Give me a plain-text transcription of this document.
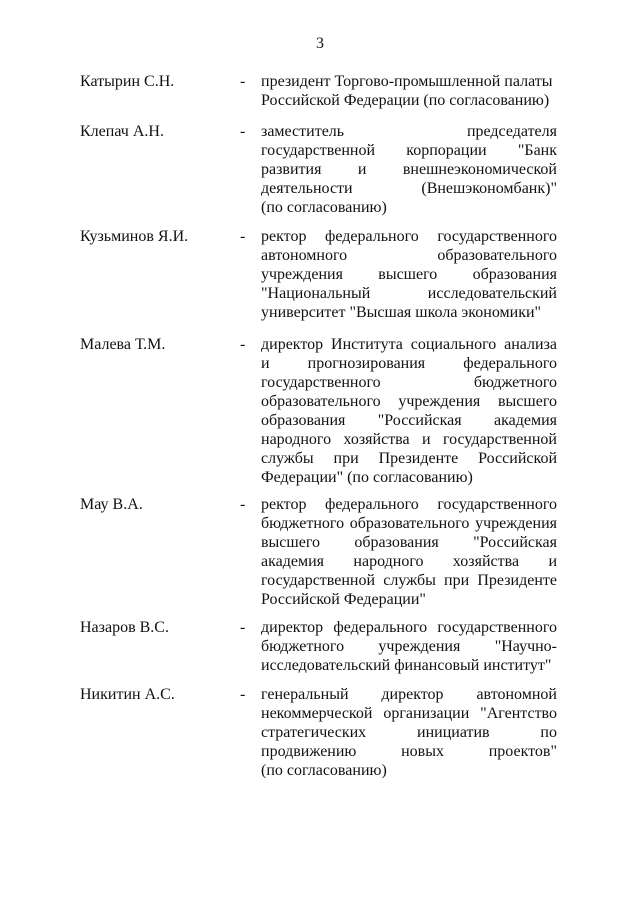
3
Катырин С.Н.	- президент Торгово-промышленной палаты
Российской Федерации (по согласованию)
Клепач А.Н.	- заместитель председателя
государственной корпорации "Банк
развития и внешнеэкономической
деятельности (Внешэкономбанк)"
(по согласованию)
Кузьминов Я.И.	- ректор федерального государственного
автономного образовательного
учреждения высшего образования
"Национальный исследовательский
университет "Высшая школа экономики"
Малева Т.М.	- директор Института социального анализа
и прогнозирования федерального
государственного бюджетного
образовательного учреждения высшего
образования "Российская академия
народного хозяйства и государственной
службы при Президенте Российской
Федерации" (по согласованию)
Мау В.А.	- ректор федерального государственного
бюджетного образовательного учреждения
высшего образования "Российская
академия народного хозяйства и
государственной службы при Президенте
Российской Федерации"
Назаров В.С.	- директор федерального государственного
бюджетного учреждения "Научно-
исследовательский финансовый институт"
Никитин А.С.	- генеральный директор автономной
некоммерческой организации "Агентство
стратегических инициатив по
продвижению новых проектов"
(по согласованию)
